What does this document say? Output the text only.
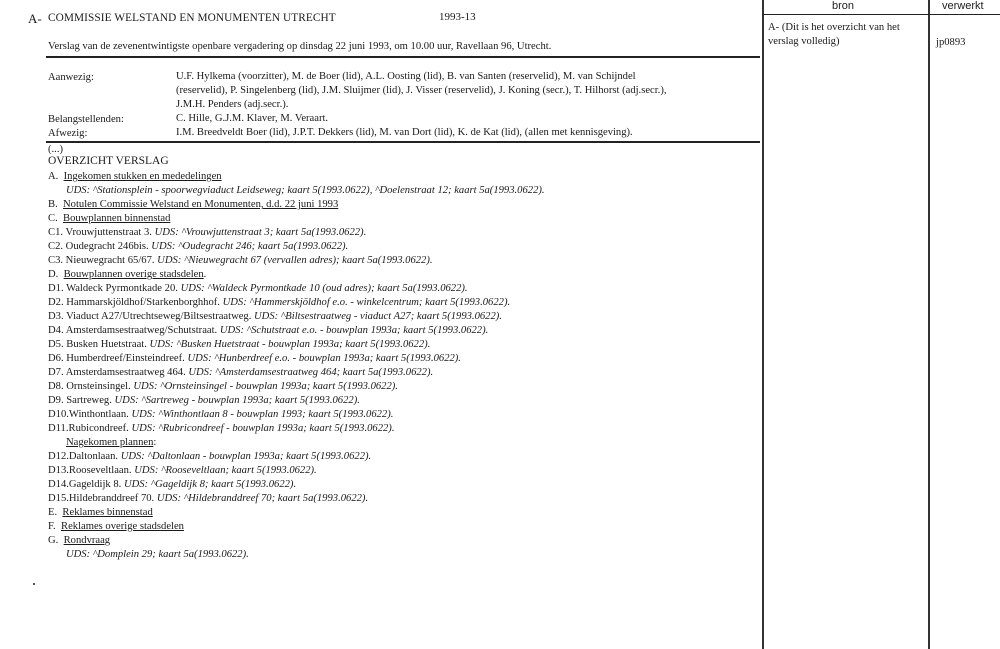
A- COMMISSIE WELSTAND EN MONUMENTEN UTRECHT	1993-13
Verslag van de zevenentwintigste openbare vergadering op dinsdag 22 juni 1993, om 10.00 uur, Ravellaan 96, Utrecht.
Aanwezig:	U.F. Hylkema (voorzitter), M. de Boer (lid), A.L. Oosting (lid), B. van Santen (reservelid), M. van Schijndel
(reservelid), P. Singelenberg (lid), J.M. Sluijmer (lid), J. Visser (reservelid), J. Koning (secr.), T. Hilhorst (adj.secr.),
J.M.H. Penders (adj.secr.).
Belangstellenden:	C. Hille, G.J.M. Klaver, M. Veraart.
Afwezig:	I.M. Breedveldt Boer (lid), J.P.T. Dekkers (lid), M. van Dort (lid), K. de Kat (lid), (allen met kennisgeving).
(...)
OVERZICHT VERSLAG
A. Ingekomen stukken en mededelingen
UDS: ^Stationsplein - spoorwegviaduct Leidseweg; kaart 5(1993.0622), ^Doelenstraat 12; kaart 5a(1993.0622).
B. Notulen Commissie Welstand en Monumenten, d.d. 22 juni 1993
C. Bouwplannen binnenstad
C1. Vrouwjuttenstraat 3. UDS: ^Vrouwjuttenstraat 3; kaart 5a(1993.0622).
C2. Oudegracht 246bis. UDS: ^Oudegracht 246; kaart 5a(1993.0622).
C3. Nieuwegracht 65/67. UDS: ^Nieuwegracht 67 (vervallen adres); kaart 5a(1993.0622).
D. Bouwplannen overige stadsdelen.
D1. Waldeck Pyrmontkade 20. UDS: ^Waldeck Pyrmontkade 10 (oud adres); kaart 5a(1993.0622).
D2. Hammarskjöldhof/Starkenborghhof. UDS: ^Hammerskjöldhof e.o. - winkelcentrum; kaart 5(1993.0622).
D3. Viaduct A27/Utrechtseweg/Biltsestraatweg. UDS: ^Biltsestraatweg - viaduct A27; kaart 5(1993.0622).
D4. Amsterdamsestraatweg/Schutstraat. UDS: ^Schutstraat e.o. - bouwplan 1993a; kaart 5(1993.0622).
D5. Busken Huetstraat. UDS: ^Busken Huetstraat - bouwplan 1993a; kaart 5(1993.0622).
D6. Humberdreef/Einsteindreef. UDS: ^Hunberdreef e.o. - bouwplan 1993a; kaart 5(1993.0622).
D7. Amsterdamsestraatweg 464. UDS: ^Amsterdamsestraatweg 464; kaart 5a(1993.0622).
D8. Ornsteinsingel. UDS: ^Ornsteinsingel - bouwplan 1993a; kaart 5(1993.0622).
D9. Sartreweg. UDS: ^Sartreweg - bouwplan 1993a; kaart 5(1993.0622).
D10.Winthontlaan. UDS: ^Winthontlaan 8 - bouwplan 1993; kaart 5(1993.0622).
D11.Rubicondreef. UDS: ^Rubricondreef - bouwplan 1993a; kaart 5(1993.0622).
Nagekomen plannen:
D12.Daltonlaan. UDS: ^Daltonlaan - bouwplan 1993a; kaart 5(1993.0622).
D13.Rooseveltlaan. UDS: ^Rooseveltlaan; kaart 5(1993.0622).
D14.Gageldijk 8. UDS: ^Gageldijk 8; kaart 5(1993.0622).
D15.Hildebranddreef 70. UDS: ^Hildebranddreef 70; kaart 5a(1993.0622).
E. Reklames binnenstad
F. Reklames overige stadsdelen
G. Rondvraag
UDS: ^Domplein 29; kaart 5a(1993.0622).
bron	verwerkt
A- (Dit is het overzicht van het verslag volledig)	jp0893
